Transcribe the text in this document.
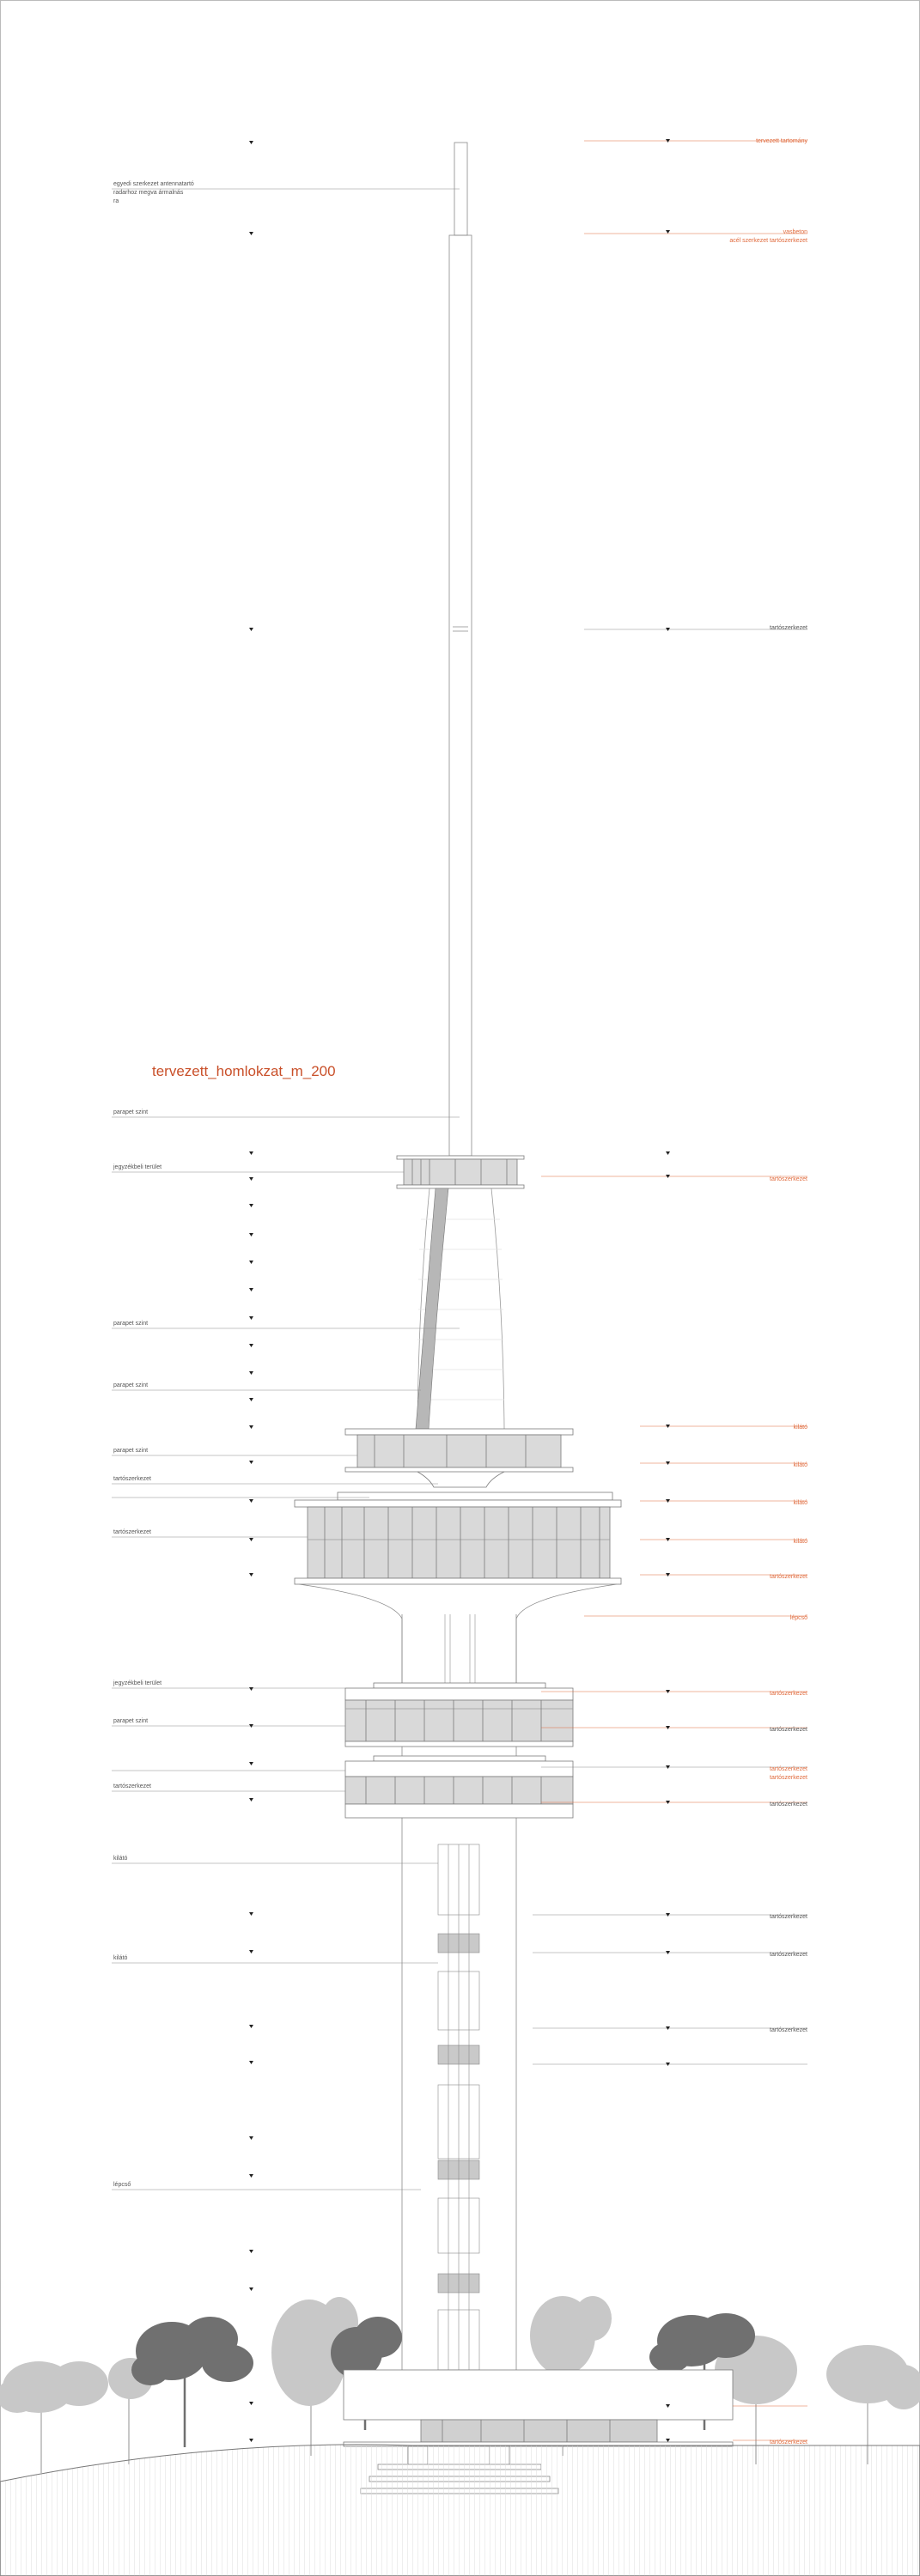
tervezett_homlokzat_m_200
egyedi szerkezet antennatartó
radarhoz megva ármalnás
ra
parapet szint
jegyzékbeli terület
parapet szint
parapet szint
parapet szint
tartószerkezet
tartószerkezet
jegyzékbeli terület
parapet szint
tartószerkezet
kilátó
kilátó
lépcső
tervezett tartomány
vasbeton
acél szerkezet tartószerkezet
tartószerkezet
tartószerkezet
kilátó
kilátó
kilátó
kilátó
tartószerkezet
lépcső
tartószerkezet
tartószerkezet
tartószerkezet
tartószerkezet
tartószerkezet
tartószerkezet
tartószerkezet
tartószerkezet
tartószerkezet
